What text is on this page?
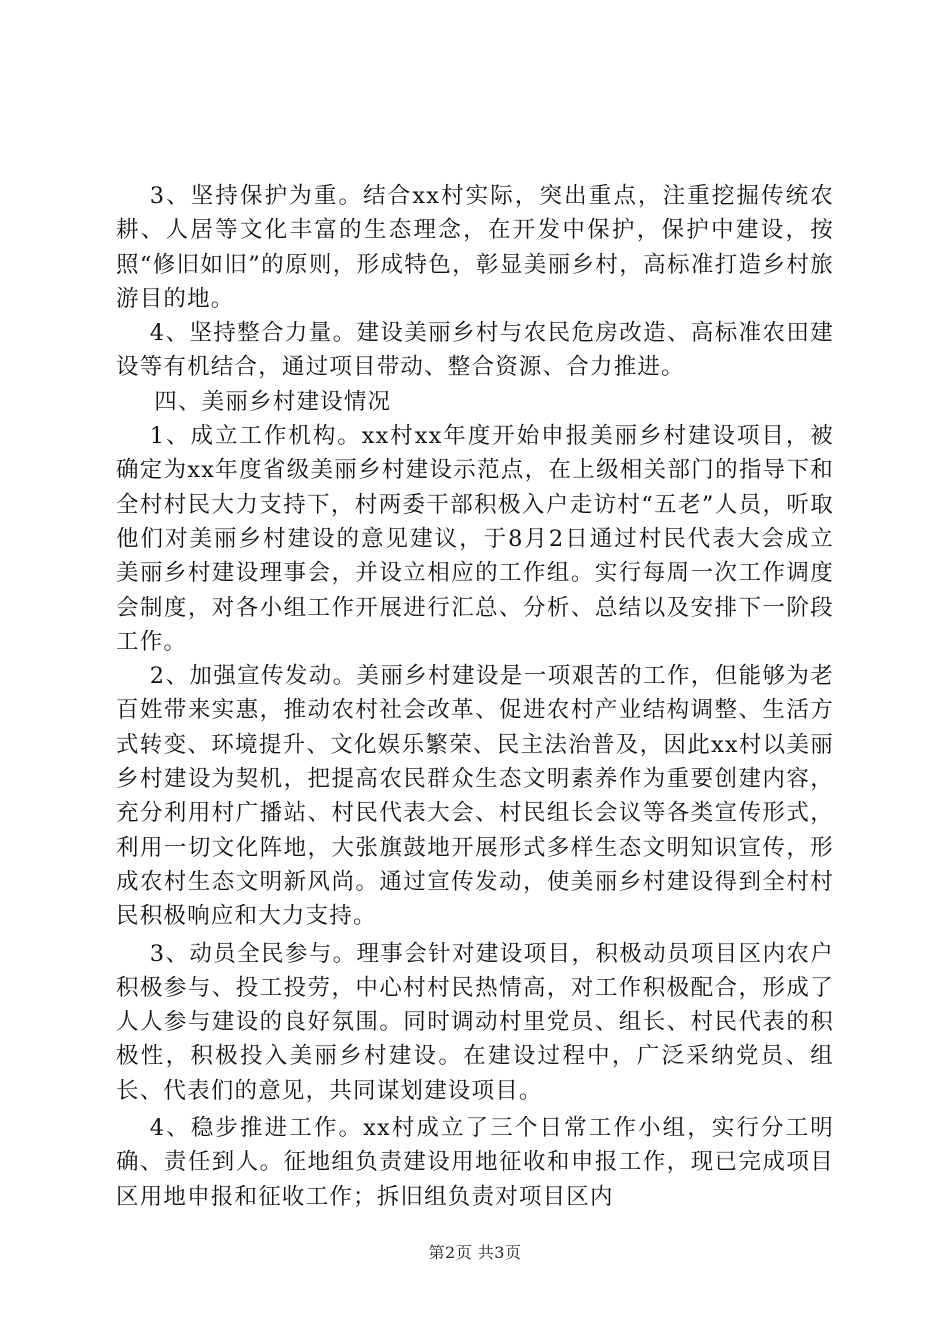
3、坚持保护为重。结合xx村实际，突出重点，注重挖掘传统农耕、人居等文化丰富的生态理念，在开发中保护，保护中建设，按照“修旧如旧”的原则，形成特色，彰显美丽乡村，高标准打造乡村旅游目的地。

4、坚持整合力量。建设美丽乡村与农民危房改造、高标准农田建设等有机结合，通过项目带动、整合资源、合力推进。

四、美丽乡村建设情况

1、成立工作机构。xx村xx年度开始申报美丽乡村建设项目，被确定为xx年度省级美丽乡村建设示范点，在上级相关部门的指导下和全村村民大力支持下，村两委干部积极入户走访村“五老”人员，听取他们对美丽乡村建设的意见建议，于8月2日通过村民代表大会成立美丽乡村建设理事会，并设立相应的工作组。实行每周一次工作调度会制度，对各小组工作开展进行汇总、分析、总结以及安排下一阶段工作。

2、加强宣传发动。美丽乡村建设是一项艰苦的工作，但能够为老百姓带来实惠，推动农村社会改革、促进农村产业结构调整、生活方式转变、环境提升、文化娱乐繁荣、民主法治普及，因此xx村以美丽乡村建设为契机，把提高农民群众生态文明素养作为重要创建内容，充分利用村广播站、村民代表大会、村民组长会议等各类宣传形式，利用一切文化阵地，大张旗鼓地开展形式多样生态文明知识宣传，形成农村生态文明新风尚。通过宣传发动，使美丽乡村建设得到全村村民积极响应和大力支持。

3、动员全民参与。理事会针对建设项目，积极动员项目区内农户积极参与、投工投劳，中心村村民热情高，对工作积极配合，形成了人人参与建设的良好氛围。同时调动村里党员、组长、村民代表的积极性，积极投入美丽乡村建设。在建设过程中，广泛采纳党员、组长、代表们的意见，共同谋划建设项目。

4、稳步推进工作。xx村成立了三个日常工作小组，实行分工明确、责任到人。征地组负责建设用地征收和申报工作，现已完成项目区用地申报和征收工作；拆旧组负责对项目区内

第2页 共3页
